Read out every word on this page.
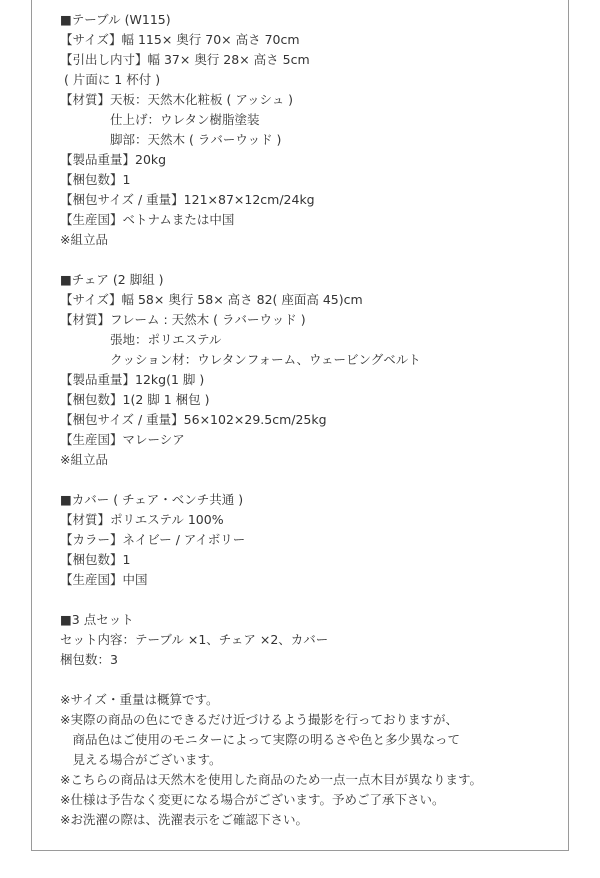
■テーブル (W115)
【サイズ】幅 115× 奥行 70× 高さ 70cm
【引出し内寸】幅 37× 奥行 28× 高さ 5cm
( 片面に 1 杯付 )
【材質】天板：天然木化粧板 ( アッシュ )
　　　　仕上げ：ウレタン樹脂塗装
　　　　脚部：天然木 ( ラバーウッド )
【製品重量】20kg
【梱包数】1
【梱包サイズ / 重量】121×87×12cm/24kg
【生産国】ベトナムまたは中国
※組立品
■チェア (2 脚組 )
【サイズ】幅 58× 奥行 58× 高さ 82( 座面高 45)cm
【材質】フレーム : 天然木 ( ラバーウッド )
　　　　張地：ポリエステル
　　　　クッション材：ウレタンフォーム、ウェービングベルト
【製品重量】12kg(1 脚 )
【梱包数】1(2 脚 1 梱包 )
【梱包サイズ / 重量】56×102×29.5cm/25kg
【生産国】マレーシア
※組立品
■カバー ( チェア・ベンチ共通 )
【材質】ポリエステル 100%
【カラー】ネイビー / アイボリー
【梱包数】1
【生産国】中国
■3 点セット
セット内容：テーブル ×1、チェア ×2、カバー
梱包数：3
※サイズ・重量は概算です。
※実際の商品の色にできるだけ近づけるよう撮影を行っておりますが、
　商品色はご使用のモニターによって実際の明るさや色と多少異なって
　見える場合がございます。
※こちらの商品は天然木を使用した商品のため一点一点木目が異なります。
※仕様は予告なく変更になる場合がございます。予めご了承下さい。
※お洗濯の際は、洗濯表示をご確認下さい。
